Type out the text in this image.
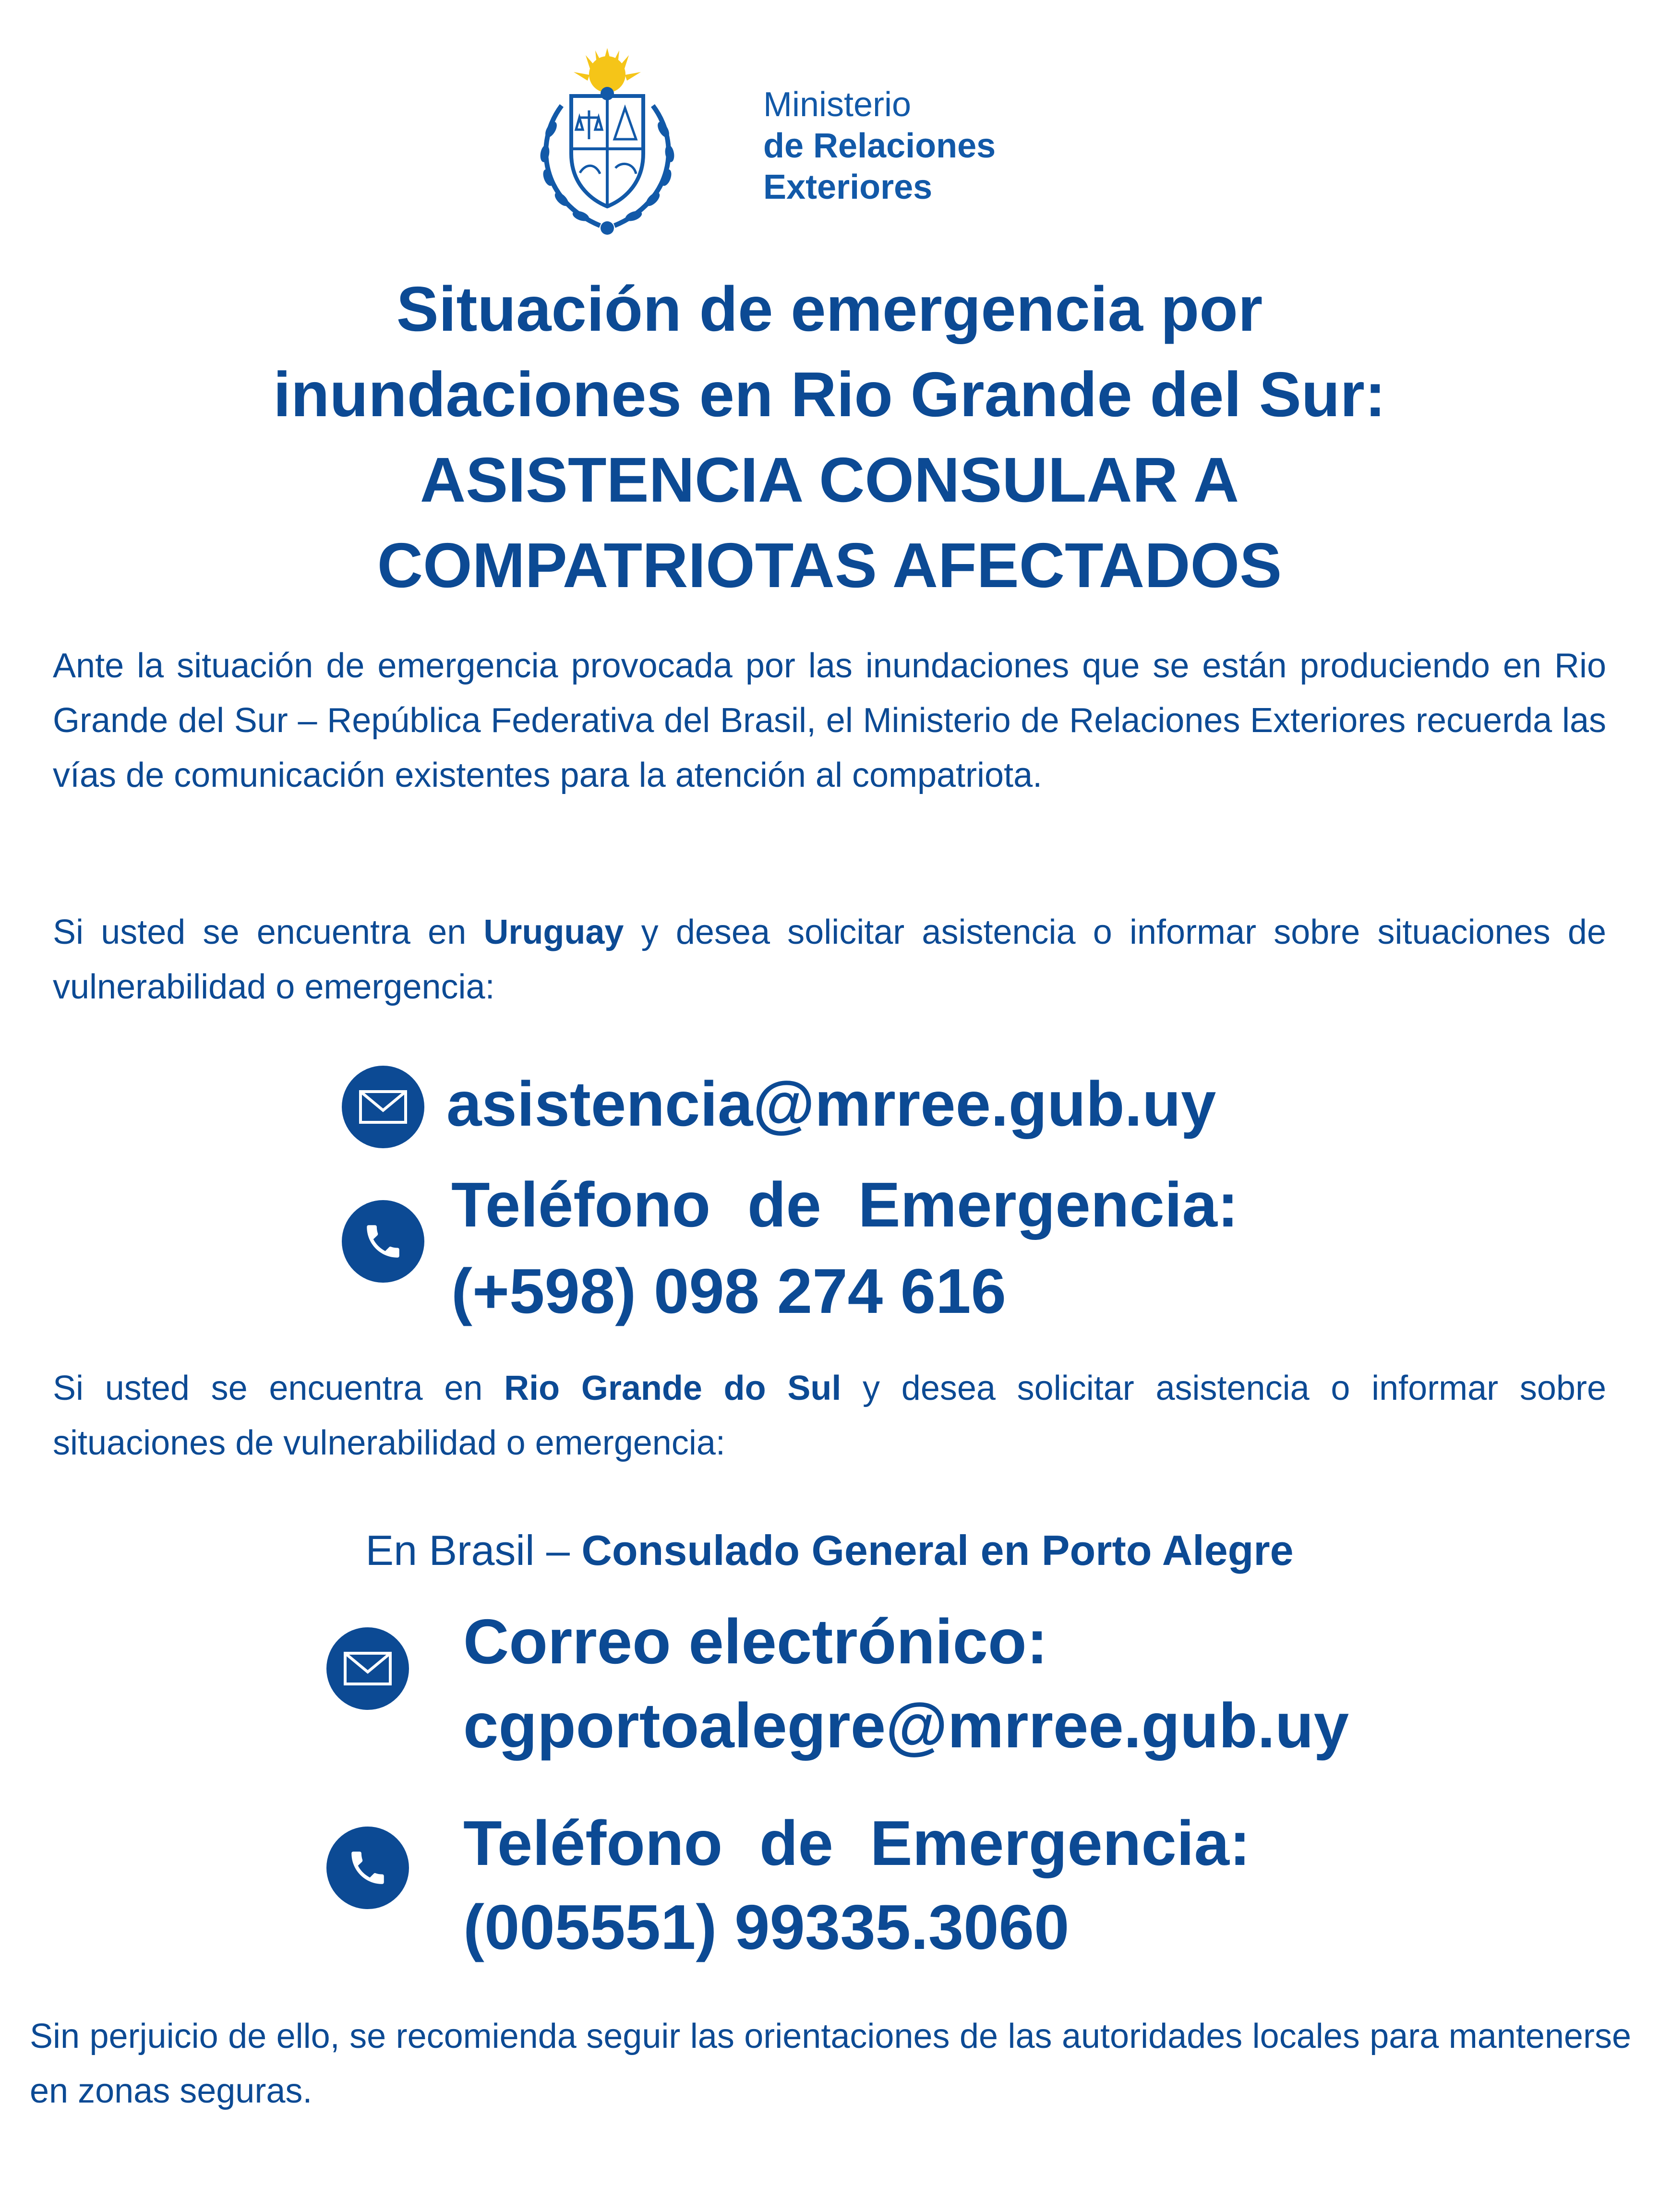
Ministerio
de Relaciones
Exteriores
Situación de emergencia por
inundaciones en Rio Grande del Sur:
ASISTENCIA CONSULAR A
COMPATRIOTAS AFECTADOS
Ante la situación de emergencia provocada por las inundaciones que se están produciendo en Rio Grande del Sur – República Federativa del Brasil, el Ministerio de Relaciones Exteriores recuerda las vías de comunicación existentes para la atención al compatriota.
Si usted se encuentra en Uruguay y desea solicitar asistencia o informar sobre situaciones de vulnerabilidad o emergencia:
asistencia@mrree.gub.uy
Teléfono de Emergencia:
(+598) 098 274 616
Si usted se encuentra en Rio Grande do Sul y desea solicitar asistencia o informar sobre situaciones de vulnerabilidad o emergencia:
En Brasil – Consulado General en Porto Alegre
Correo electrónico:
cgportoalegre@mrree.gub.uy
Teléfono de Emergencia:
(005551) 99335.3060
Sin perjuicio de ello, se recomienda seguir las orientaciones de las autoridades locales para mantenerse en zonas seguras.
